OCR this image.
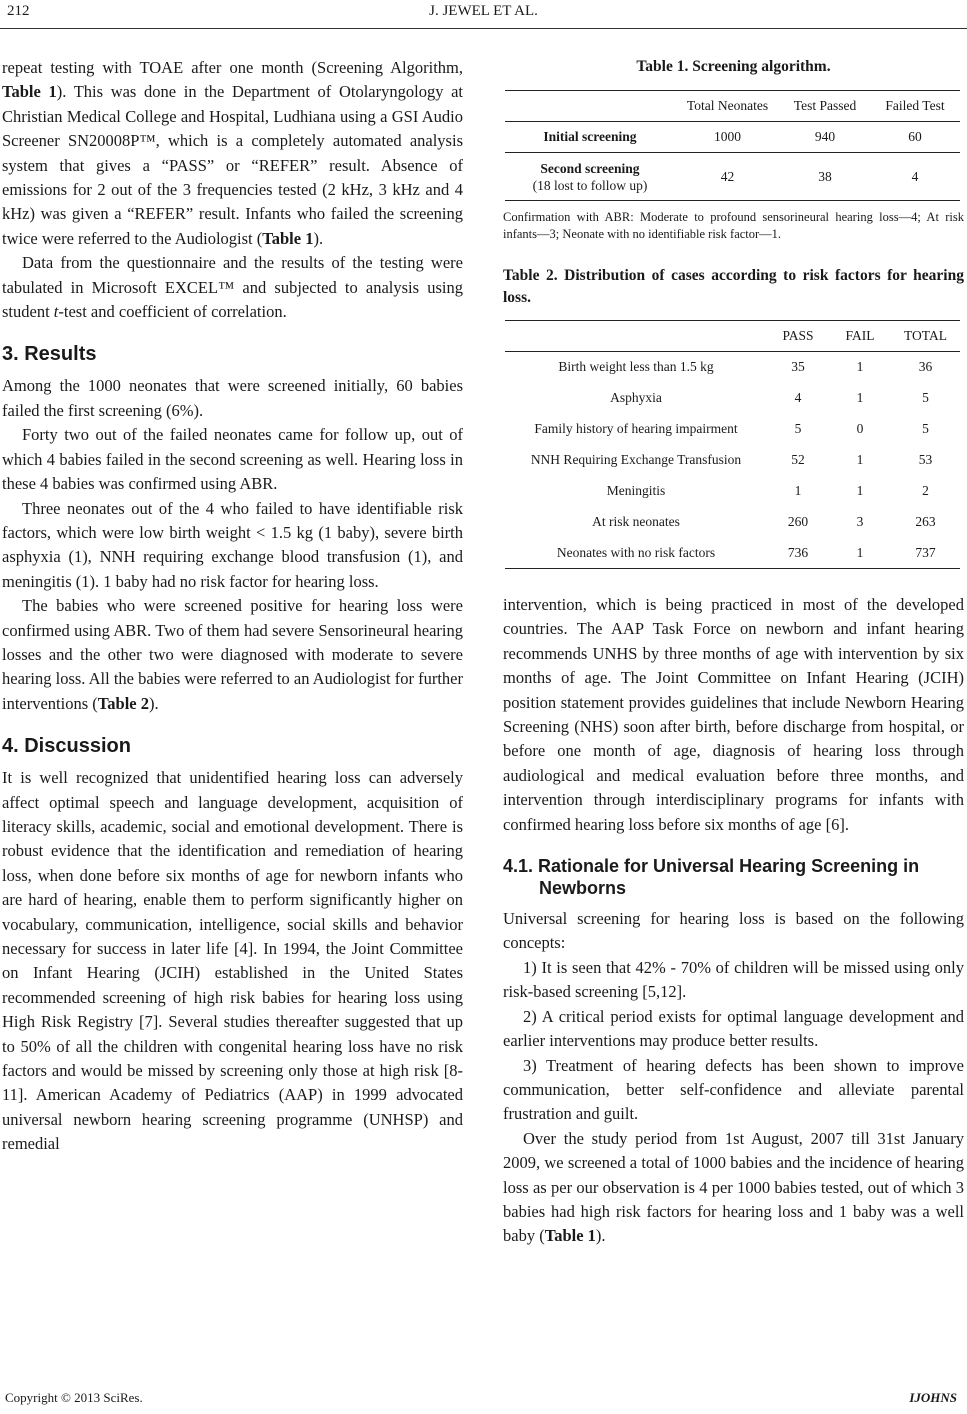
212	J. JEWEL ET AL.

repeat testing with TOAE after one month (Screening Algorithm, Table 1). This was done in the Department of Otolaryngology at Christian Medical College and Hospital, Ludhiana using a GSI Audio Screener SN20008P™, which is a completely automated analysis system that gives a “PASS” or “REFER” result. Absence of emissions for 2 out of the 3 frequencies tested (2 kHz, 3 kHz and 4 kHz) was given a “REFER” result. Infants who failed the screening twice were referred to the Audiologist (Table 1).

Data from the questionnaire and the results of the testing were tabulated in Microsoft EXCEL™ and subjected to analysis using student t-test and coefficient of correlation.

3. Results

Among the 1000 neonates that were screened initially, 60 babies failed the first screening (6%).

Forty two out of the failed neonates came for follow up, out of which 4 babies failed in the second screening as well. Hearing loss in these 4 babies was confirmed using ABR.

Three neonates out of the 4 who failed to have identifiable risk factors, which were low birth weight < 1.5 kg (1 baby), severe birth asphyxia (1), NNH requiring exchange blood transfusion (1), and meningitis (1). 1 baby had no risk factor for hearing loss.

The babies who were screened positive for hearing loss were confirmed using ABR. Two of them had severe Sensorineural hearing losses and the other two were diagnosed with moderate to severe hearing loss. All the babies were referred to an Audiologist for further interventions (Table 2).

4. Discussion

It is well recognized that unidentified hearing loss can adversely affect optimal speech and language development, acquisition of literacy skills, academic, social and emotional development. There is robust evidence that the identification and remediation of hearing loss, when done before six months of age for newborn infants who are hard of hearing, enable them to perform significantly higher on vocabulary, communication, intelligence, social skills and behavior necessary for success in later life [4]. In 1994, the Joint Committee on Infant Hearing (JCIH) established in the United States recommended screening of high risk babies for hearing loss using High Risk Registry [7]. Several studies thereafter suggested that up to 50% of all the children with congenital hearing loss have no risk factors and would be missed by screening only those at high risk [8-11]. American Academy of Pediatrics (AAP) in 1999 advocated universal newborn hearing screening programme (UNHSP) and remedial

Table 1. Screening algorithm.
	Total Neonates	Test Passed	Failed Test
Initial screening	1000	940	60
Second screening
(18 lost to follow up)	42	38	4
Confirmation with ABR: Moderate to profound sensorineural hearing loss—4; At risk infants—3; Neonate with no identifiable risk factor—1.
Table 2. Distribution of cases according to risk factors for hearing loss.
	PASS	FAIL	TOTAL
Birth weight less than 1.5 kg	35	1	36
Asphyxia	4	1	5
Family history of hearing impairment	5	0	5
NNH Requiring Exchange Transfusion	52	1	53
Meningitis	1	1	2
At risk neonates	260	3	263
Neonates with no risk factors	736	1	737

intervention, which is being practiced in most of the developed countries. The AAP Task Force on newborn and infant hearing recommends UNHS by three months of age with intervention by six months of age. The Joint Committee on Infant Hearing (JCIH) position statement provides guidelines that include Newborn Hearing Screening (NHS) soon after birth, before discharge from hospital, or before one month of age, diagnosis of hearing loss through audiological and medical evaluation before three months, and intervention through interdisciplinary programs for infants with confirmed hearing loss before six months of age [6].

4.1. Rationale for Universal Hearing Screening in Newborns

Universal screening for hearing loss is based on the following concepts:

1) It is seen that 42% - 70% of children will be missed using only risk-based screening [5,12].

2) A critical period exists for optimal language development and earlier interventions may produce better results.

3) Treatment of hearing defects has been shown to improve communication, better self-confidence and alleviate parental frustration and guilt.

Over the study period from 1st August, 2007 till 31st January 2009, we screened a total of 1000 babies and the incidence of hearing loss as per our observation is 4 per 1000 babies tested, out of which 3 babies had high risk factors for hearing loss and 1 baby was a well baby (Table 1).

Copyright © 2013 SciRes.	IJOHNS
